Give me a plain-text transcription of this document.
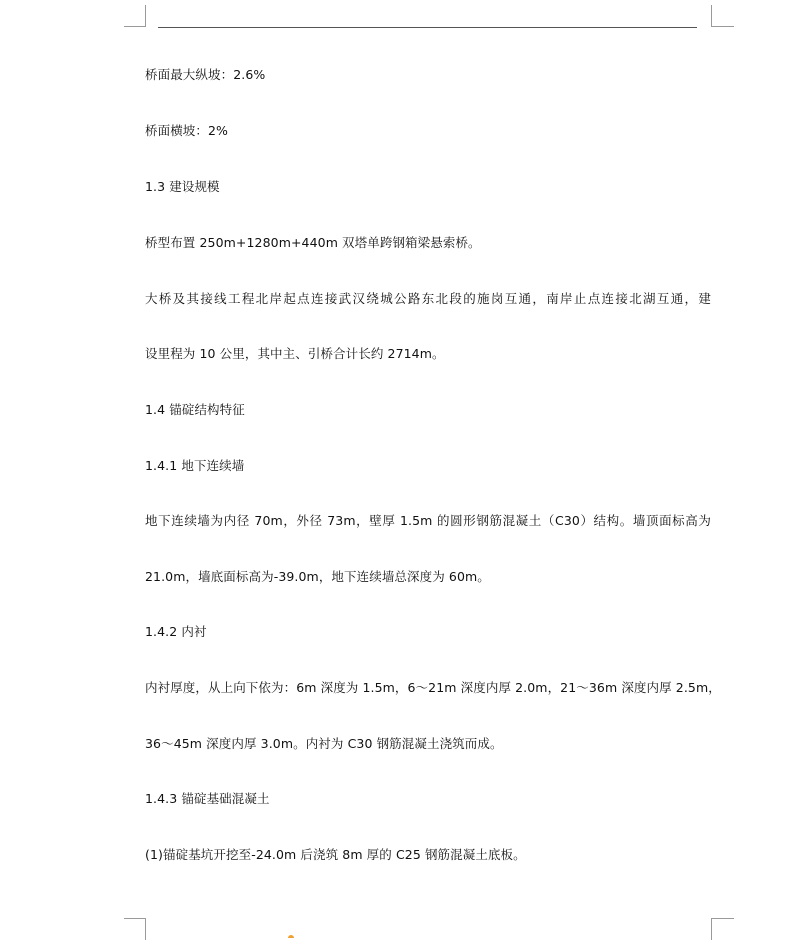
桥面最大纵坡：2.6%
桥面横坡：2%
1.3 建设规模
桥型布置 250m+1280m+440m 双塔单跨钢箱梁悬索桥。
大桥及其接线工程北岸起点连接武汉绕城公路东北段的施岗互通，南岸止点连接北湖互通，建
设里程为 10 公里，其中主、引桥合计长约 2714m。
1.4 锚碇结构特征
1.4.1 地下连续墙
地下连续墙为内径 70m，外径 73m，壁厚 1.5m 的圆形钢筋混凝土（C30）结构。墙顶面标高为
21.0m，墙底面标高为-39.0m，地下连续墙总深度为 60m。
1.4.2 内衬
内衬厚度，从上向下依为：6m 深度为 1.5m，6～21m 深度内厚 2.0m，21～36m 深度内厚 2.5m，
36～45m 深度内厚 3.0m。内衬为 C30 钢筋混凝土浇筑而成。
1.4.3 锚碇基础混凝土
(1)锚碇基坑开挖至-24.0m 后浇筑 8m 厚的 C25 钢筋混凝土底板。
